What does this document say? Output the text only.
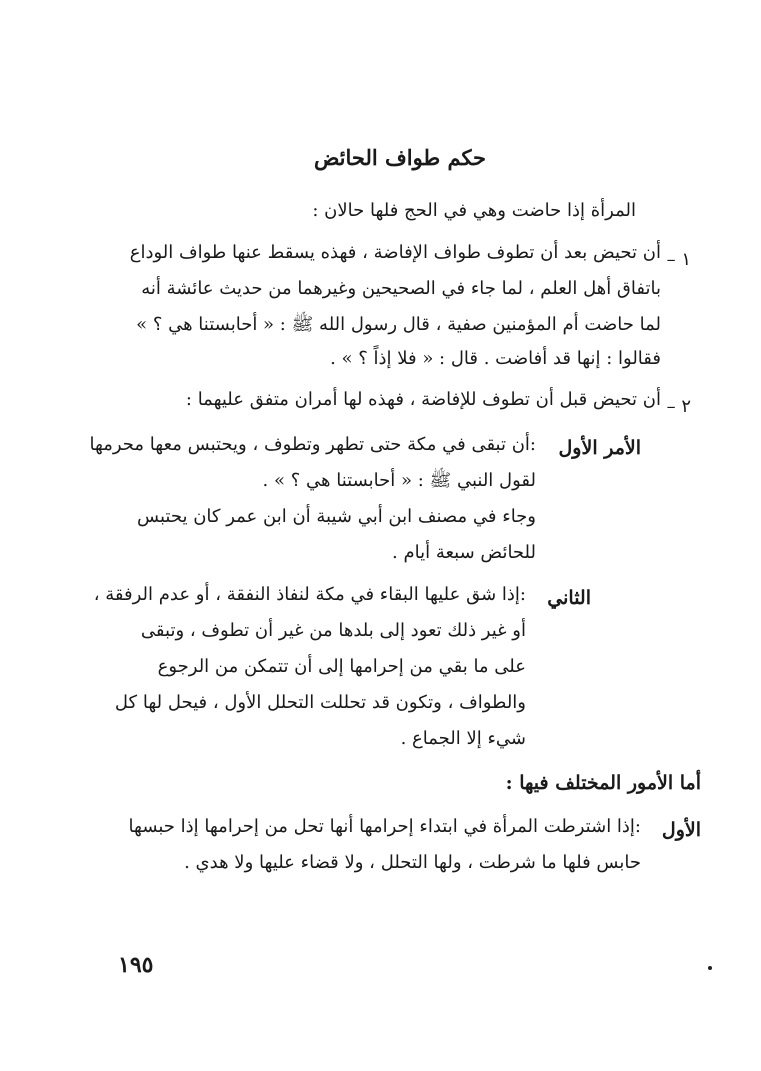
حكم طواف الحائض
المرأة إذا حاضت وهي في الحج فلها حالان :
١ –
أن تحيض بعد أن تطوف طواف الإفاضة ، فهذه يسقط عنها طواف الوداع
باتفاق أهل العلم ، لما جاء في الصحيحين وغيرهما من حديث عائشة أنه
لما حاضت أم المؤمنين صفية ، قال رسول الله ﷺ : « أحابستنا هي ؟ »
فقالوا : إنها قد أفاضت . قال : « فلا إذاً ؟ » .
٢ –
أن تحيض قبل أن تطوف للإفاضة ، فهذه لها أمران متفق عليهما :
الأمر الأول
:أن تبقى في مكة حتى تطهر وتطوف ، ويحتبس معها محرمها
لقول النبي ﷺ : « أحابستنا هي ؟ » .
وجاء في مصنف ابن أبي شيبة أن ابن عمر كان يحتبس
للحائض سبعة أيام .
الثاني
:إذا شق عليها البقاء في مكة لنفاذ النفقة ، أو عدم الرفقة ،
أو غير ذلك تعود إلى بلدها من غير أن تطوف ، وتبقى
على ما بقي من إحرامها إلى أن تتمكن من الرجوع
والطواف ، وتكون قد تحللت التحلل الأول ، فيحل لها كل
شيء إلا الجماع .
أما الأمور المختلف فيها :
الأول
:إذا اشترطت المرأة في ابتداء إحرامها أنها تحل من إحرامها إذا حبسها
حابس فلها ما شرطت ، ولها التحلل ، ولا قضاء عليها ولا هدي .
١٩٥
